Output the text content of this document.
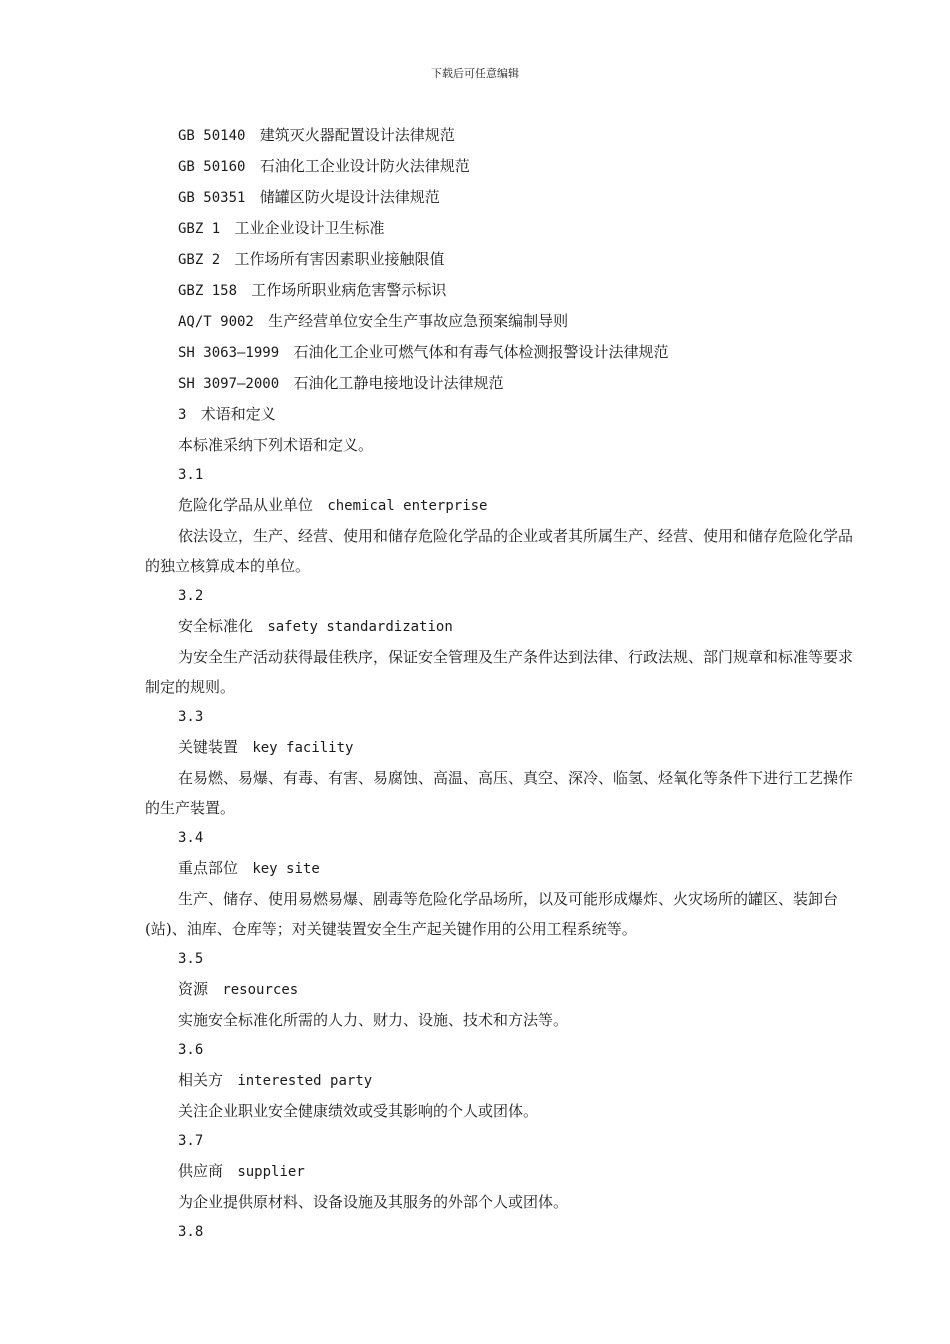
下载后可任意编辑

GB 50140 建筑灭火器配置设计法律规范

GB 50160 石油化工企业设计防火法律规范

GB 50351 储罐区防火堤设计法律规范

GBZ 1 工业企业设计卫生标准

GBZ 2 工作场所有害因素职业接触限值

GBZ 158 工作场所职业病危害警示标识

AQ/T 9002 生产经营单位安全生产事故应急预案编制导则

SH 3063—1999 石油化工企业可燃气体和有毒气体检测报警设计法律规范

SH 3097—2000 石油化工静电接地设计法律规范

3 术语和定义

本标准采纳下列术语和定义。

3.1

危险化学品从业单位 chemical enterprise

依法设立，生产、经营、使用和储存危险化学品的企业或者其所属生产、经营、使用和储存危险化学品的独立核算成本的单位。

3.2

安全标准化 safety standardization

为安全生产活动获得最佳秩序，保证安全管理及生产条件达到法律、行政法规、部门规章和标准等要求制定的规则。

3.3

关键装置 key facility

在易燃、易爆、有毒、有害、易腐蚀、高温、高压、真空、深冷、临氢、烃氧化等条件下进行工艺操作的生产装置。

3.4

重点部位 key site

生产、储存、使用易燃易爆、剧毒等危险化学品场所，以及可能形成爆炸、火灾场所的罐区、装卸台(站)、油库、仓库等；对关键装置安全生产起关键作用的公用工程系统等。

3.5

资源 resources

实施安全标准化所需的人力、财力、设施、技术和方法等。

3.6

相关方 interested party

关注企业职业安全健康绩效或受其影响的个人或团体。

3.7

供应商 supplier

为企业提供原材料、设备设施及其服务的外部个人或团体。

3.8
